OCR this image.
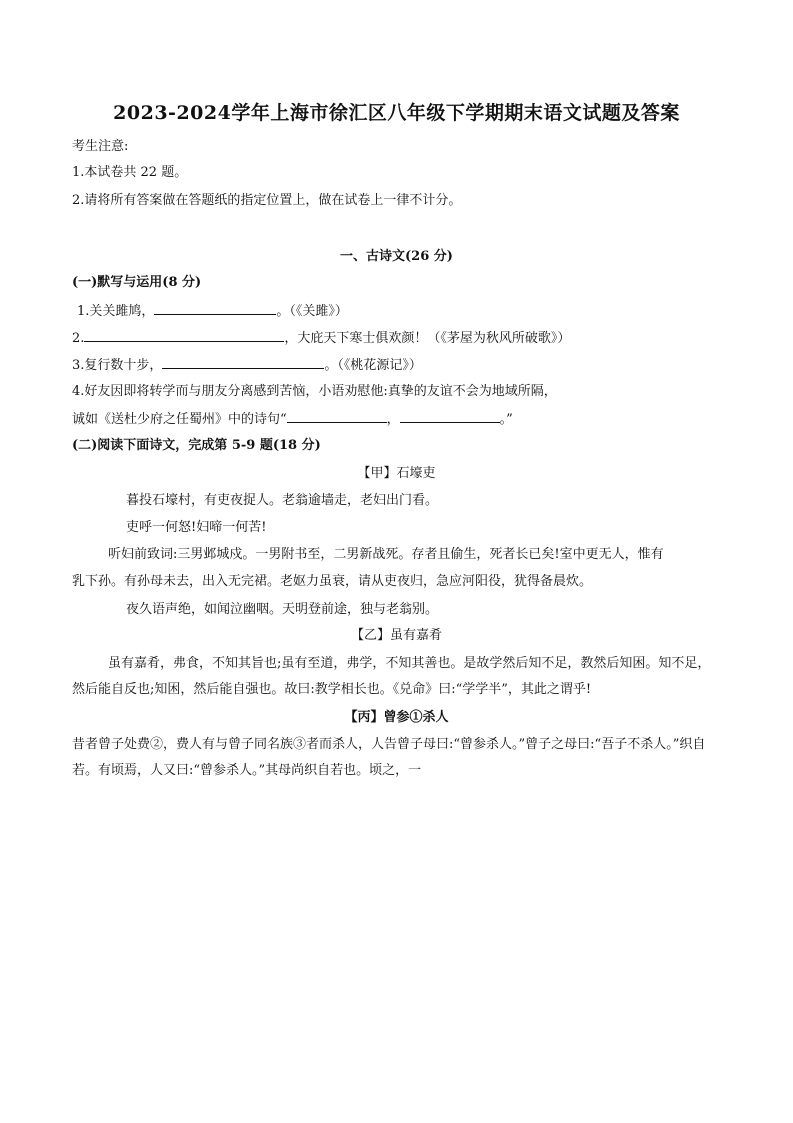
2023-2024学年上海市徐汇区八年级下学期期末语文试题及答案
考生注意:
1.本试卷共 22 题。
2.请将所有答案做在答题纸的指定位置上，做在试卷上一律不计分。
一、古诗文(26 分)
(一)默写与运用(8 分)
1.关关雎鸠，	。（《关雎》）
2.	，大庇天下寒士俱欢颜！（《茅屋为秋风所破歌》）
3.复行数十步，	。（《桃花源记》）
4.好友因即将转学而与朋友分离感到苦恼，小语劝慰他:真挚的友谊不会为地域所隔，
诚如《送杜少府之任蜀州》中的诗句“	，	。”
(二)阅读下面诗文，完成第 5-9 题(18 分)
【甲】石壕吏
暮投石壕村，有吏夜捉人。老翁逾墙走，老妇出门看。
吏呼一何怒!妇啼一何苦!
听妇前致词:三男邺城戍。一男附书至，二男新战死。存者且偷生，死者长已矣!室中更无人，惟有
乳下孙。有孙母未去，出入无完裙。老妪力虽衰，请从吏夜归，急应河阳役，犹得备晨炊。
夜久语声绝，如闻泣幽咽。天明登前途，独与老翁别。
【乙】虽有嘉肴

虽有嘉肴，弗食，不知其旨也;虽有至道，弗学，不知其善也。是故学然后知不足，教然后知困。知不足，然后能自反也;知困，然后能自强也。故曰:教学相长也。《兑命》曰:“学学半”，其此之谓乎!

【丙】曾参①杀人

昔者曾子处费②，费人有与曾子同名族③者而杀人，人告曾子母曰:“曾参杀人。”曾子之母曰:“吾子不杀人。”织自若。有顷焉，人又曰:“曾参杀人。”其母尚织自若也。顷之，一
